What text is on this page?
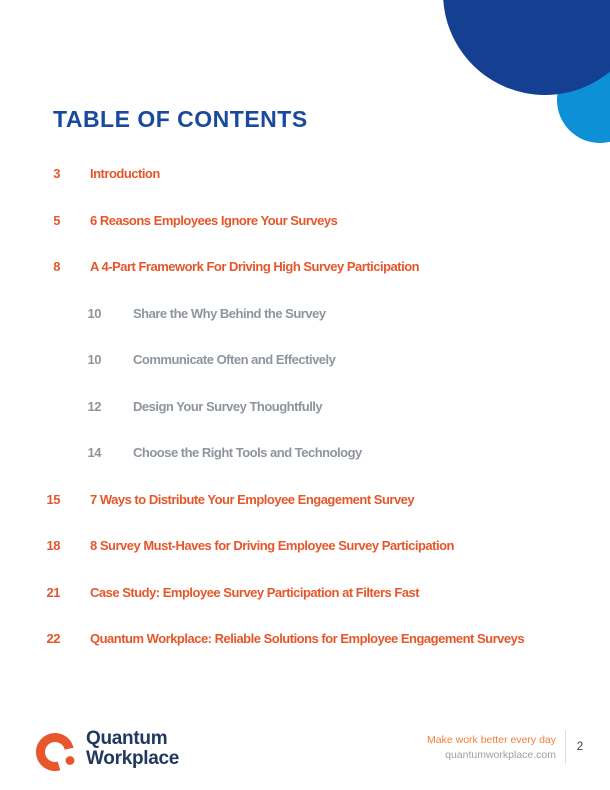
TABLE OF CONTENTS
3 Introduction
5 6 Reasons Employees Ignore Your Surveys
8 A 4-Part Framework For Driving High Survey Participation
10 Share the Why Behind the Survey
10 Communicate Often and Effectively
12 Design Your Survey Thoughtfully
14 Choose the Right Tools and Technology
15 7 Ways to Distribute Your Employee Engagement Survey
18 8 Survey Must-Haves for Driving Employee Survey Participation
21 Case Study: Employee Survey Participation at Filters Fast
22 Quantum Workplace: Reliable Solutions for Employee Engagement Surveys
Quantum
Workplace
Make work better every day
quantumworkplace.com
2
